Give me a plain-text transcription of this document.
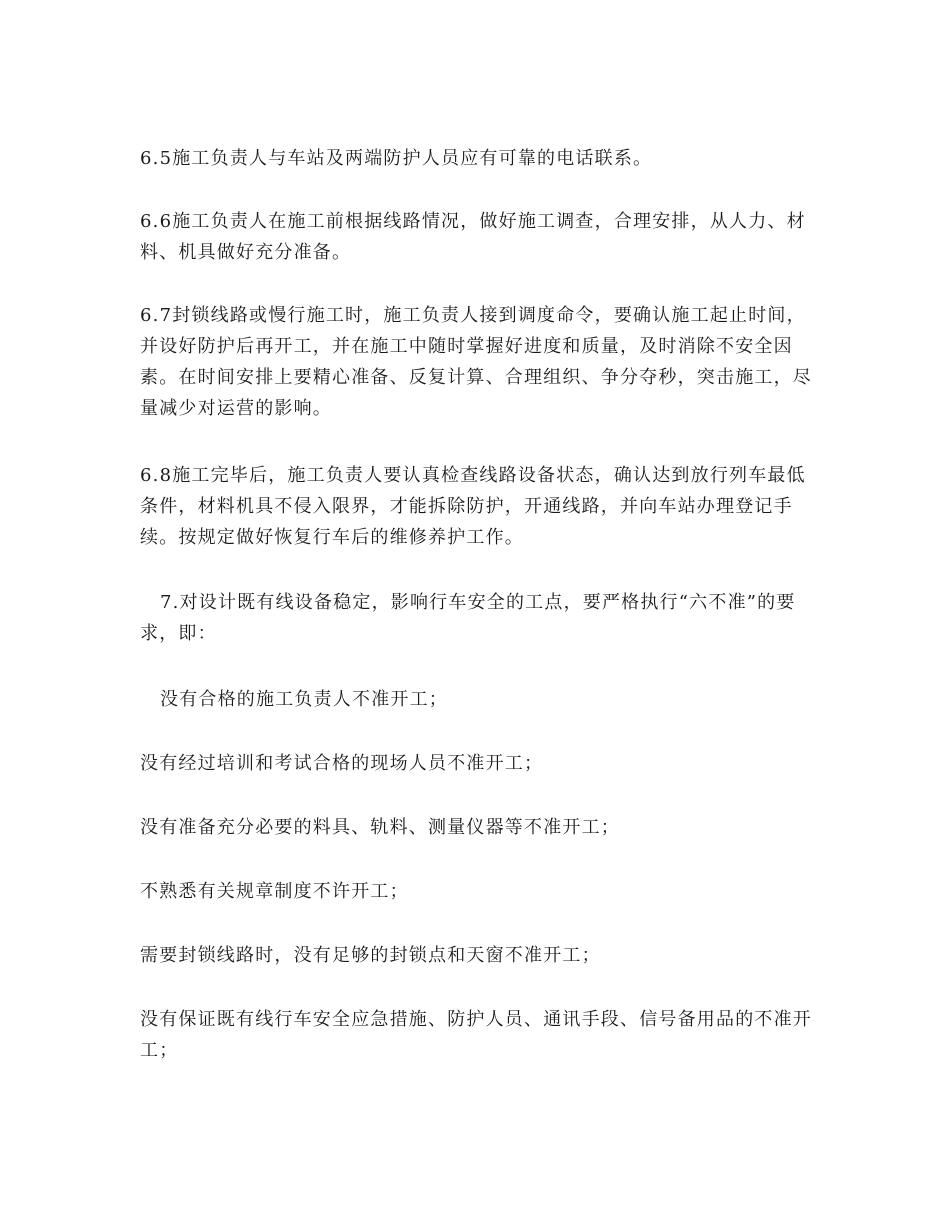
6.5施工负责人与车站及两端防护人员应有可靠的电话联系。

6.6施工负责人在施工前根据线路情况，做好施工调查，合理安排，从人力、材料、机具做好充分准备。

6.7封锁线路或慢行施工时，施工负责人接到调度命令，要确认施工起止时间，并设好防护后再开工，并在施工中随时掌握好进度和质量，及时消除不安全因素。在时间安排上要精心准备、反复计算、合理组织、争分夺秒，突击施工，尽量减少对运营的影响。

6.8施工完毕后，施工负责人要认真检查线路设备状态，确认达到放行列车最低条件，材料机具不侵入限界，才能拆除防护，开通线路，并向车站办理登记手续。按规定做好恢复行车后的维修养护工作。

7.对设计既有线设备稳定，影响行车安全的工点，要严格执行“六不准”的要求，即：

没有合格的施工负责人不准开工；

没有经过培训和考试合格的现场人员不准开工；

没有准备充分必要的料具、轨料、测量仪器等不准开工；

不熟悉有关规章制度不许开工；

需要封锁线路时，没有足够的封锁点和天窗不准开工；

没有保证既有线行车安全应急措施、防护人员、通讯手段、信号备用品的不准开工；
